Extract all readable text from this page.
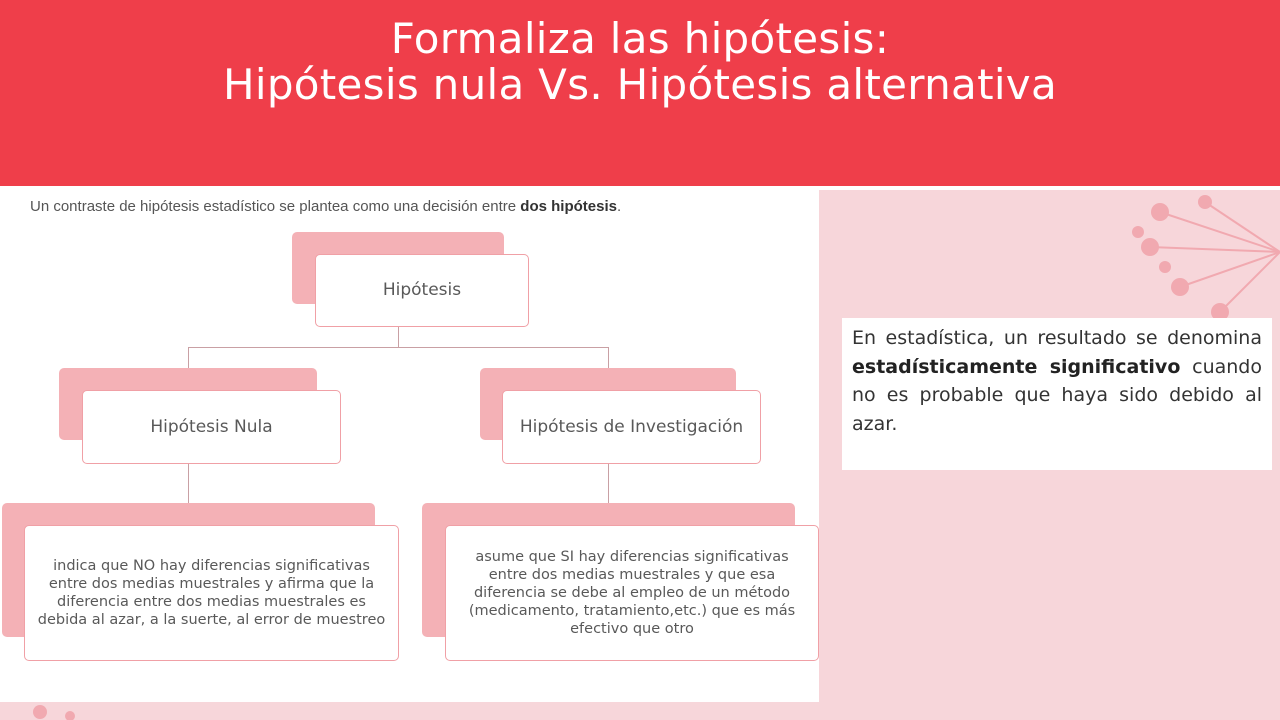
Formaliza las hipótesis:
Hipótesis nula Vs. Hipótesis alternativa
Un contraste de hipótesis estadístico se plantea como una decisión entre dos hipótesis.
Hipótesis
Hipótesis Nula	Hipótesis de Investigación
indica que NO hay diferencias significativas entre dos medias muestrales y afirma que la diferencia entre dos medias muestrales es debida al azar, a la suerte, al error de muestreo
asume que SI hay diferencias significativas entre dos medias muestrales y que esa diferencia se debe al empleo de un método (medicamento, tratamiento,etc.) que es más efectivo que otro
En estadística, un resultado se denomina estadísticamente significativo cuando no es probable que haya sido debido al azar.
